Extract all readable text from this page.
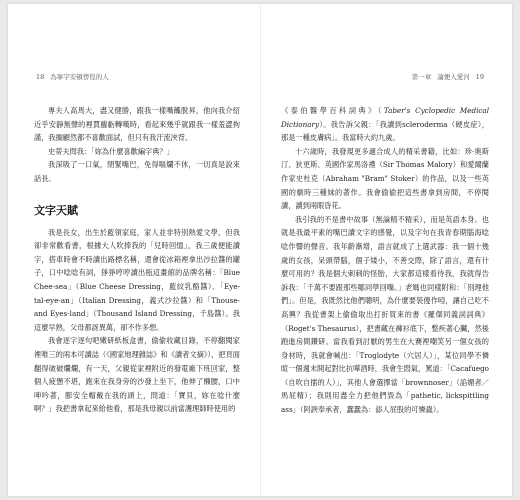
18 為寧字安頓徬徨的人

專夫人高馬大，盡又健勝，跟我一樣嘴饞脫昇，他向我介紹近乎安靜無聲的裡賈蘿虧轉嘆時，看起來幾乎就跟我一樣羞澀拘謹，我搁顧然都不喜歡面試，但只有我汗流浹背。

史蒂夫問我：「妳為什麼喜歡編字典？」

我深吸了一口氣，閉緊嘴巴，免得嘔爛不休，一切真是說來話長。

文字天賦

我是長女，出生於藍領家庭，家人並非特別熱愛文學，但我卻非常歡看書，根據大人吹捧我的「兒時回憶」，我三歲便能讀字，搭車時會不時讀出路標名稱，還會從冰箱裡拿出沙拉醬的罐子，口中唸唸有詞，猙猙哼哼讀出瓶這畫館的品牌名稱：「Blue Chee-sea」（Blue Cheese Dressing，藍紋乳酪醬）、「Eye-tal-eye-an」（Italian Dressing，義式沙拉醬）和「Thouse-and Eyes-land」（Thousand Island Dressing，千島醬）。我這麼早熟，父母都訝異萬，卻不作多想。

我會逐字逐句吧嫩研紙板盒書，偷偷收藏目錄，不停翻閱家裡唯三的兩本可讀誌（《國家地理雜誌》和《讀者文摘》），把頁面翻得破破爛爛，有一天，父親從家裡附近的發電廠下班回家，整個人疲憊不堪，跑來在我身旁的沙發上坐下，他伸了懶腰，口中呻吟著，膨安全帽戴在我的頭上，問道：「寶貝，妳在唸什麼啊？」我把書拿起來給他看，那是我母親以前當護理師時使用的

第一章 論便入愛河 19

《泰伯醫學百科詞典》（Taber's Cyclopedic Medical Dictionary）。我告訴父親：「我讀到scleroderma（硬皮症），那是一種皮膚病」。我當時大約九歲。

十六歲時，我發現更多適合成人的精采書籍，比如：珍·奧斯汀、狄更斯、英國作家馬洛禮（Sir Thomas Malory）和愛爾蘭作家史杜克（Abraham "Bram" Stoker）的作品，以及一些英國的劇時三種妹的著作。我會偷偷把這些書拿到房間，不停閱讀，讀到兩眼昏花。

我引我的不是書中故事（無論精不精采），而是英語本身。也就是我最平素的嘴巴讀文字的感覺，以及字句在我青春期腦海唸唸作響的聲音。我年齡漸增，語言就成了上選武器：我一個十幾歲的女孩，呆頭帶腦，個子矮小，不善交際，除了語言，還有什麼可用的？我是個大刺刺的怪胎，大家都這樣看待我，我就得告訴我：「千萬不要跟那些哪同學回嘴。」老媽也同樣附和：「別理他們」。但是，我既然比他們聰明，為什麼要裝傻作啞，讓自己吃不高興？我從書架上偷偷取出打折買來的書《羅傑同義詞詞典》（Roget's Thesaurus），把書藏在褲衫底下，整疾著心臟，然後跑進房間鑽研。當我看到討厭的男生在大賽裡嘲笑另一個女孩的身材時，我就會喊出：「Troglodyte（穴居人）」，某位同學不憐暄一個週末開起對比抗嘩酒時，我會生悶氣，罵道：「Cacafuego（自吹自擂的人）」，其他人會選擇當「brownnoser」（諂媚者／馬屁精）；我則用盡全力把他們毀為「pathetic, lickspittling ass」（阿諛奉承者，蠢蠢為：舔人屁股的可憐蟲）。
